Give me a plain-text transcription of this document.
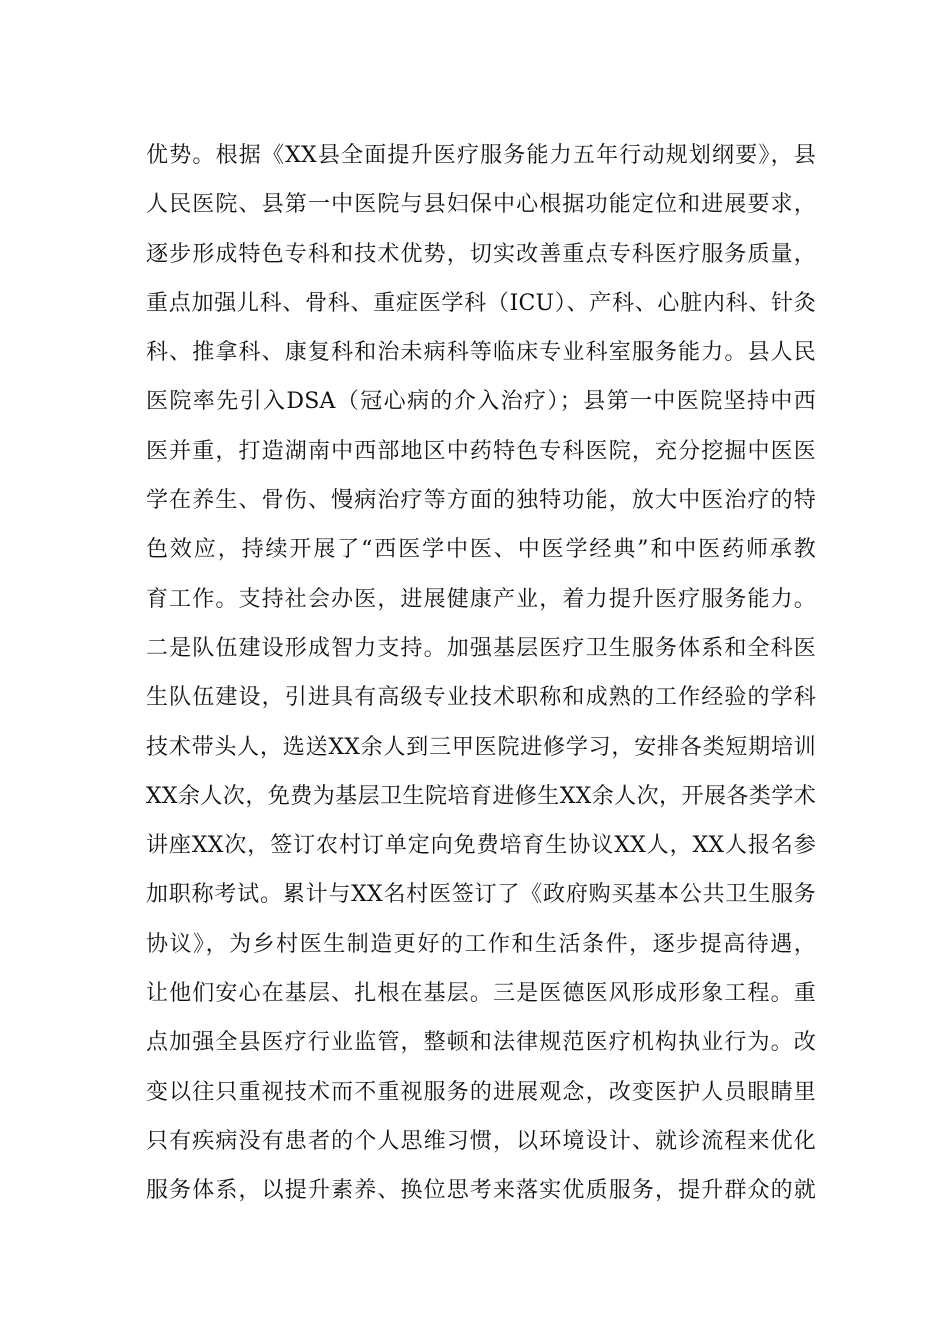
优势。根据《XX县全面提升医疗服务能力五年行动规划纲要》，县
人民医院、县第一中医院与县妇保中心根据功能定位和进展要求，
逐步形成特色专科和技术优势，切实改善重点专科医疗服务质量，
重点加强儿科、骨科、重症医学科（ICU）、产科、心脏内科、针灸
科、推拿科、康复科和治未病科等临床专业科室服务能力。县人民
医院率先引入DSA（冠心病的介入治疗）；县第一中医院坚持中西
医并重，打造湖南中西部地区中药特色专科医院，充分挖掘中医医
学在养生、骨伤、慢病治疗等方面的独特功能，放大中医治疗的特
色效应，持续开展了“西医学中医、中医学经典”和中医药师承教
育工作。支持社会办医，进展健康产业，着力提升医疗服务能力。
二是队伍建设形成智力支持。加强基层医疗卫生服务体系和全科医
生队伍建设，引进具有高级专业技术职称和成熟的工作经验的学科
技术带头人，选送XX余人到三甲医院进修学习，安排各类短期培训
XX余人次，免费为基层卫生院培育进修生XX余人次，开展各类学术
讲座XX次，签订农村订单定向免费培育生协议XX人，XX人报名参
加职称考试。累计与XX名村医签订了《政府购买基本公共卫生服务
协议》，为乡村医生制造更好的工作和生活条件，逐步提高待遇，
让他们安心在基层、扎根在基层。三是医德医风形成形象工程。重
点加强全县医疗行业监管，整顿和法律规范医疗机构执业行为。改
变以往只重视技术而不重视服务的进展观念，改变医护人员眼睛里
只有疾病没有患者的个人思维习惯，以环境设计、就诊流程来优化
服务体系，以提升素养、换位思考来落实优质服务，提升群众的就
